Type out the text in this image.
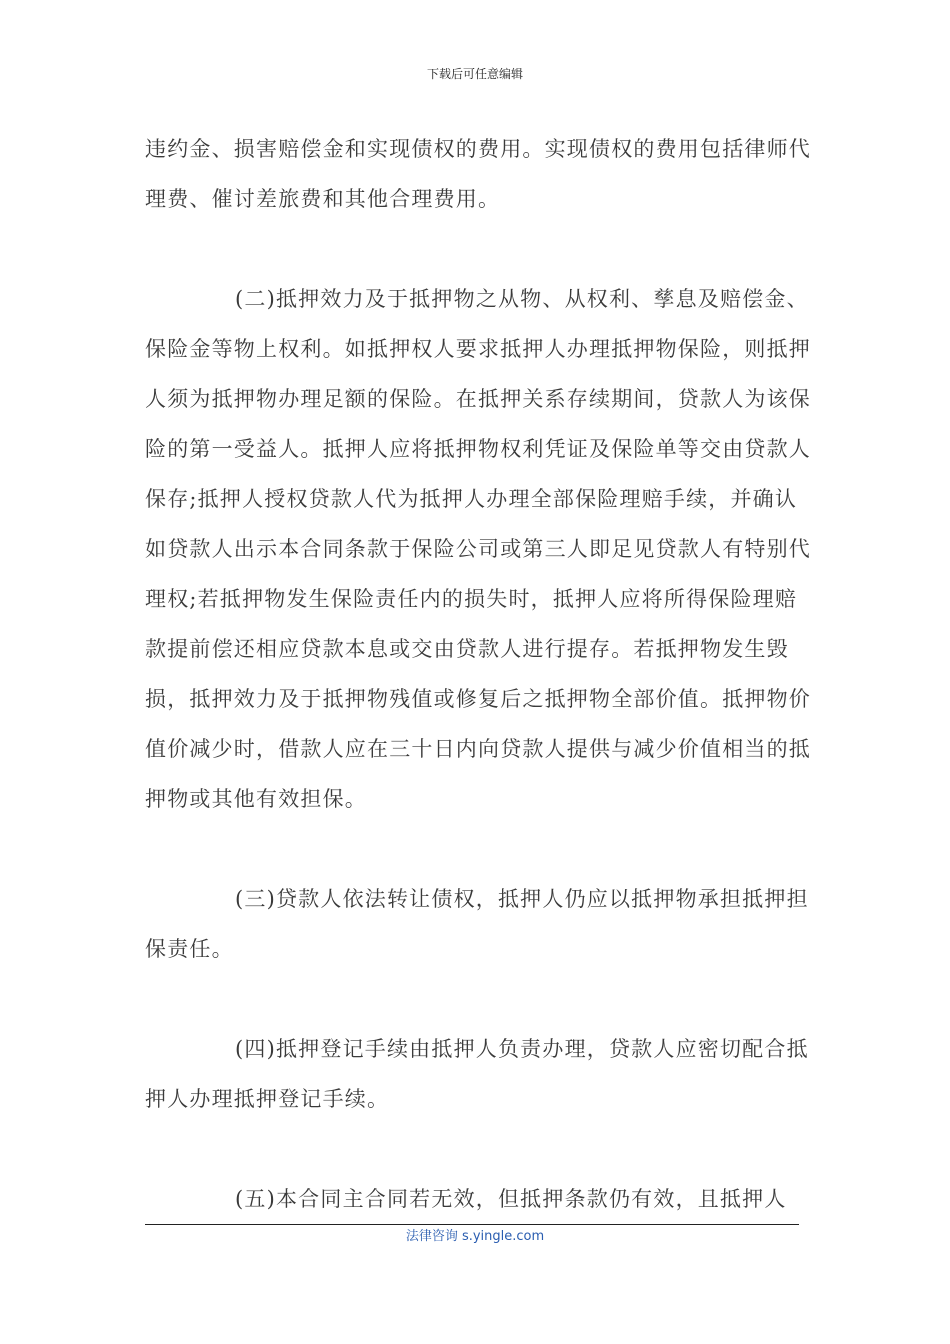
下载后可任意编辑

违约金、损害赔偿金和实现债权的费用。实现债权的费用包括律师代理费、催讨差旅费和其他合理费用。

(二)抵押效力及于抵押物之从物、从权利、孳息及赔偿金、保险金等物上权利。如抵押权人要求抵押人办理抵押物保险，则抵押人须为抵押物办理足额的保险。在抵押关系存续期间，贷款人为该保险的第一受益人。抵押人应将抵押物权利凭证及保险单等交由贷款人保存;抵押人授权贷款人代为抵押人办理全部保险理赔手续，并确认如贷款人出示本合同条款于保险公司或第三人即足见贷款人有特别代理权;若抵押物发生保险责任内的损失时，抵押人应将所得保险理赔款提前偿还相应贷款本息或交由贷款人进行提存。若抵押物发生毁损，抵押效力及于抵押物残值或修复后之抵押物全部价值。抵押物价值价减少时，借款人应在三十日内向贷款人提供与减少价值相当的抵押物或其他有效担保。

(三)贷款人依法转让债权，抵押人仍应以抵押物承担抵押担保责任。

(四)抵押登记手续由抵押人负责办理，贷款人应密切配合抵押人办理抵押登记手续。

(五)本合同主合同若无效，但抵押条款仍有效，且抵押人

法律咨询 s.yingle.com
